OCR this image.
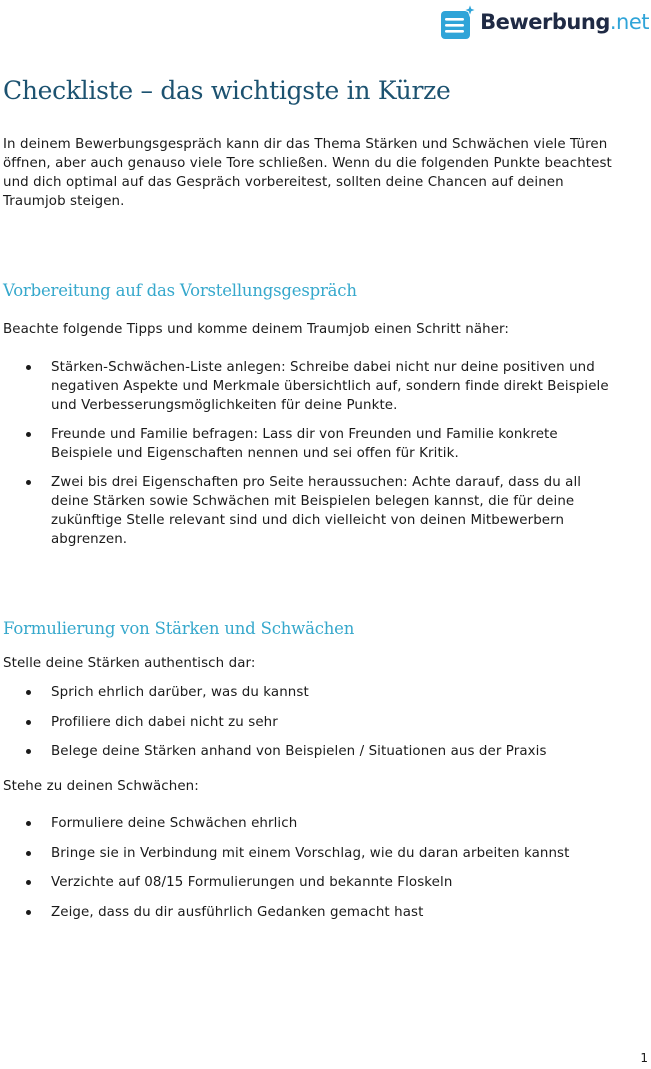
Bewerbung.net
Checkliste – das wichtigste in Kürze

In deinem Bewerbungsgespräch kann dir das Thema Stärken und Schwächen viele Türen öffnen, aber auch genauso viele Tore schließen. Wenn du die folgenden Punkte beachtest und dich optimal auf das Gespräch vorbereitest, sollten deine Chancen auf deinen Traumjob steigen.

Vorbereitung auf das Vorstellungsgespräch

Beachte folgende Tipps und komme deinem Traumjob einen Schritt näher:

Stärken-Schwächen-Liste anlegen: Schreibe dabei nicht nur deine positiven und negativen Aspekte und Merkmale übersichtlich auf, sondern finde direkt Beispiele und Verbesserungsmöglichkeiten für deine Punkte.
Freunde und Familie befragen: Lass dir von Freunden und Familie konkrete Beispiele und Eigenschaften nennen und sei offen für Kritik.
Zwei bis drei Eigenschaften pro Seite heraussuchen: Achte darauf, dass du all deine Stärken sowie Schwächen mit Beispielen belegen kannst, die für deine zukünftige Stelle relevant sind und dich vielleicht von deinen Mitbewerbern abgrenzen.
Formulierung von Stärken und Schwächen

Stelle deine Stärken authentisch dar:

Sprich ehrlich darüber, was du kannst
Profiliere dich dabei nicht zu sehr
Belege deine Stärken anhand von Beispielen / Situationen aus der Praxis

Stehe zu deinen Schwächen:

Formuliere deine Schwächen ehrlich
Bringe sie in Verbindung mit einem Vorschlag, wie du daran arbeiten kannst
Verzichte auf 08/15 Formulierungen und bekannte Floskeln
Zeige, dass du dir ausführlich Gedanken gemacht hast
1
